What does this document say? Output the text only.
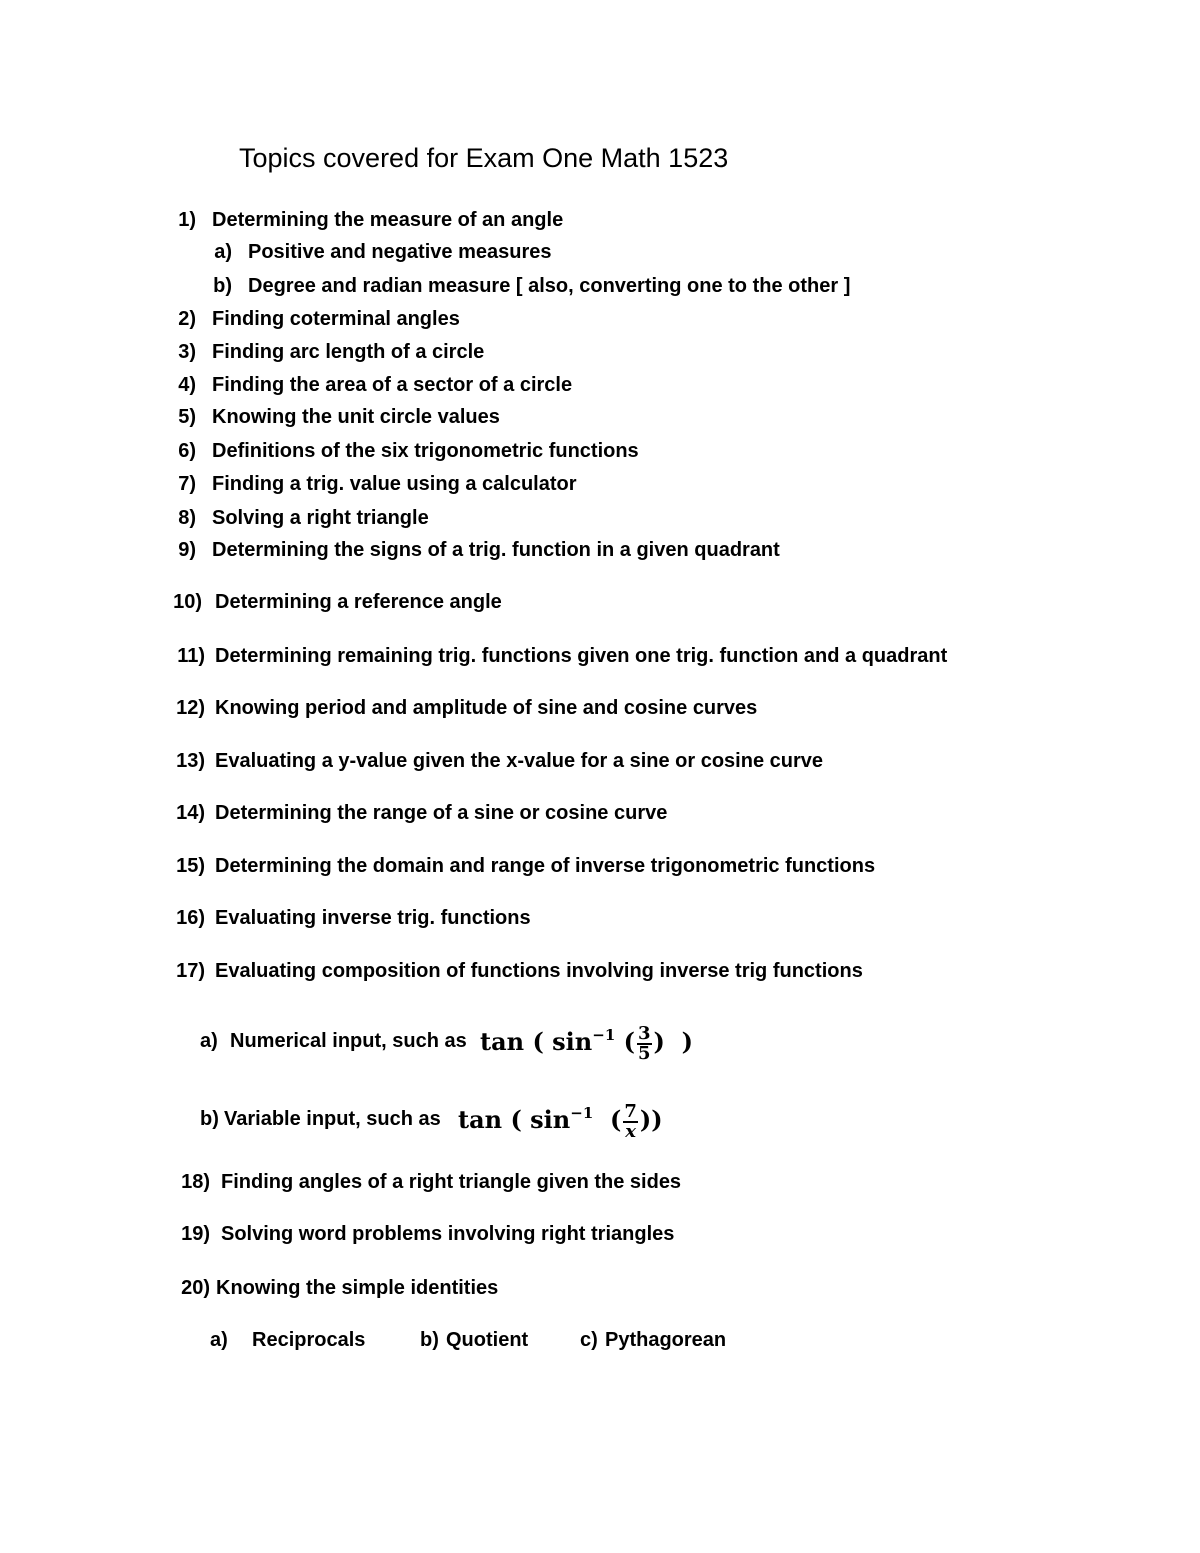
Topics covered for Exam One Math 1523
1) Determining the measure of an angle
a) Positive and negative measures
b) Degree and radian measure [ also, converting one to the other ]
2) Finding coterminal angles
3) Finding arc length of a circle
4) Finding the area of a sector of a circle
5) Knowing the unit circle values
6) Definitions of the six trigonometric functions
7) Finding a trig. value using a calculator
8) Solving a right triangle
9) Determining the signs of a trig. function in a given quadrant
10) Determining a reference angle
11) Determining remaining trig. functions given one trig. function and a quadrant
12) Knowing period and amplitude of sine and cosine curves
13) Evaluating a y-value given the x-value for a sine or cosine curve
14) Determining the range of a sine or cosine curve
15) Determining the domain and range of inverse trigonometric functions
16) Evaluating inverse trig. functions
17) Evaluating composition of functions involving inverse trig functions
a) Numerical input, such as tan ( $\sin^{-1}$ ( $\frac{3}{5}$ ) )
b) Variable input, such as tan ( $\sin^{-1}$ ( $\frac{7}{x}$ ))
18) Finding angles of a right triangle given the sides
19) Solving word problems involving right triangles
20) Knowing the simple identities
a) Reciprocals	b) Quotient	c) Pythagorean
